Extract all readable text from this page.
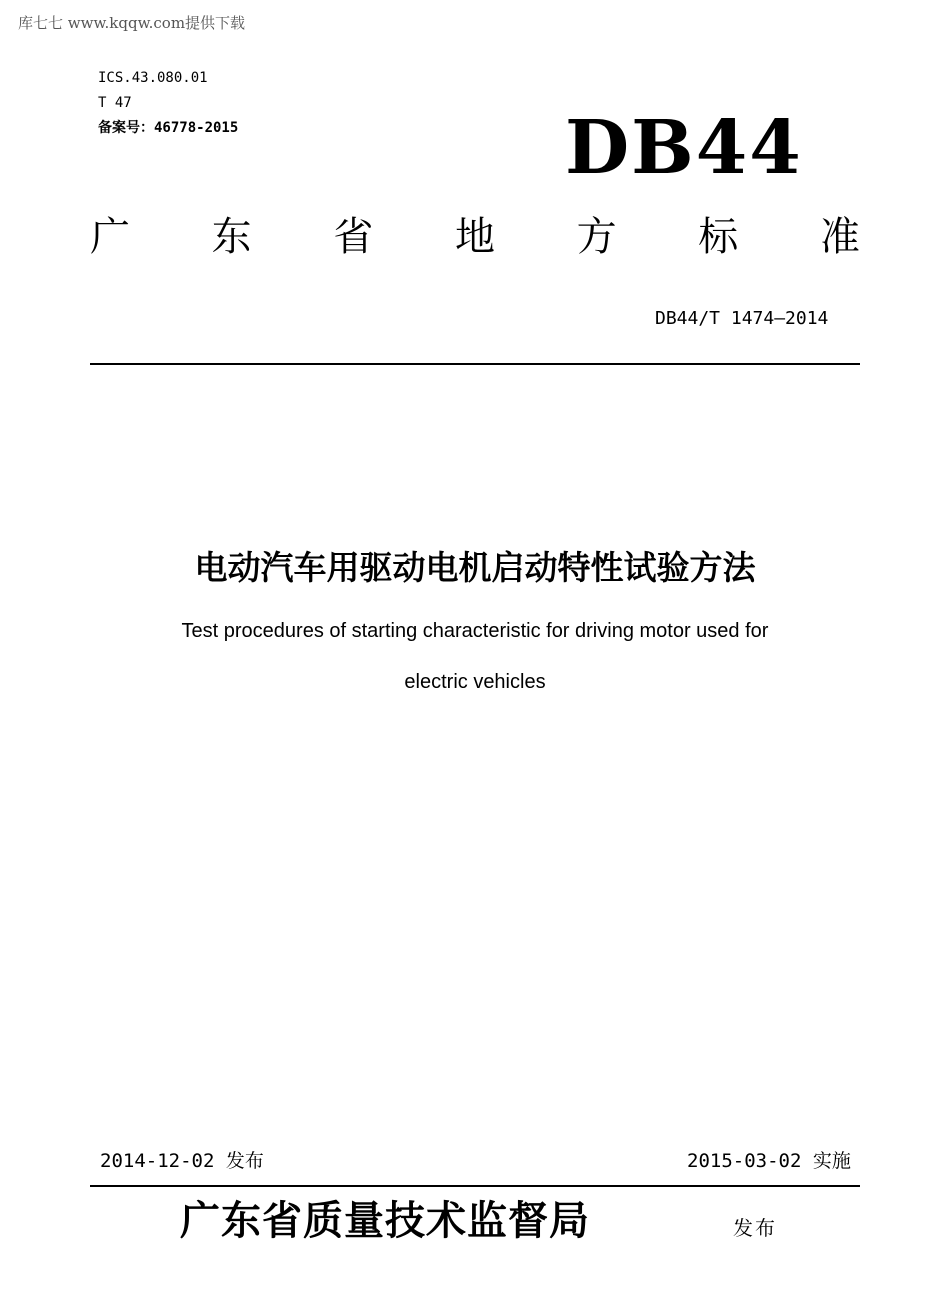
库七七 www.kqqw.com提供下载
ICS.43.080.01
T 47
备案号：46778-2015	DB44
广 东 省 地 方 标 准
DB44/T 1474—2014
电动汽车用驱动电机启动特性试验方法
Test procedures of starting characteristic for driving motor used for
electric vehicles
2014-12-02 发布	2015-03-02 实施
广东省质量技术监督局	发布
